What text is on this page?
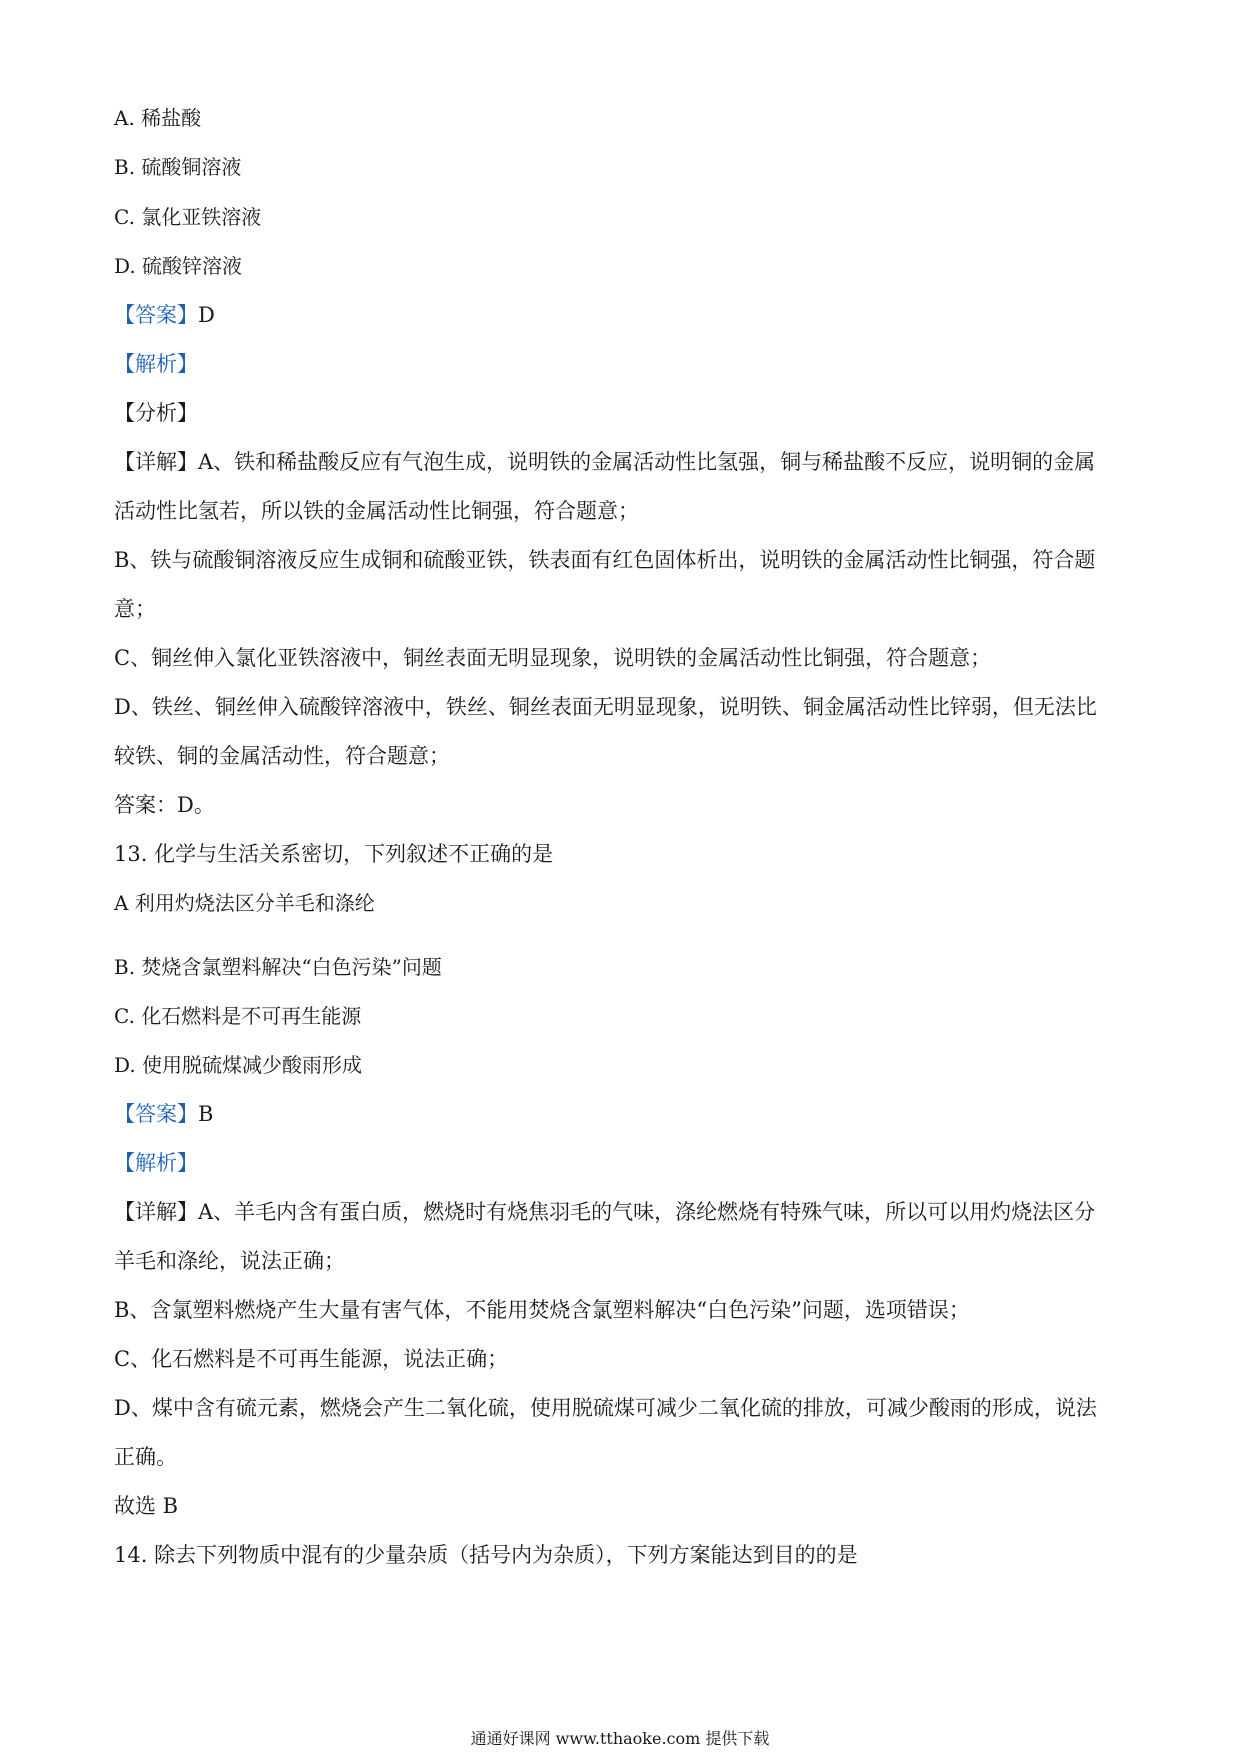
A. 稀盐酸

B. 硫酸铜溶液

C. 氯化亚铁溶液

D. 硫酸锌溶液

【答案】D

【解析】

【分析】

【详解】A、铁和稀盐酸反应有气泡生成，说明铁的金属活动性比氢强，铜与稀盐酸不反应，说明铜的金属

活动性比氢若，所以铁的金属活动性比铜强，符合题意；

B、铁与硫酸铜溶液反应生成铜和硫酸亚铁，铁表面有红色固体析出，说明铁的金属活动性比铜强，符合题

意；

C、铜丝伸入氯化亚铁溶液中，铜丝表面无明显现象，说明铁的金属活动性比铜强，符合题意；

D、铁丝、铜丝伸入硫酸锌溶液中，铁丝、铜丝表面无明显现象，说明铁、铜金属活动性比锌弱，但无法比

较铁、铜的金属活动性，符合题意；

答案：D。

13. 化学与生活关系密切，下列叙述不正确的是

A 利用灼烧法区分羊毛和涤纶

B. 焚烧含氯塑料解决“白色污染”问题

C. 化石燃料是不可再生能源

D. 使用脱硫煤减少酸雨形成

【答案】B

【解析】

【详解】A、羊毛内含有蛋白质，燃烧时有烧焦羽毛的气味，涤纶燃烧有特殊气味，所以可以用灼烧法区分

羊毛和涤纶，说法正确；

B、含氯塑料燃烧产生大量有害气体，不能用焚烧含氯塑料解决“白色污染”问题，选项错误；

C、化石燃料是不可再生能源，说法正确；

D、煤中含有硫元素，燃烧会产生二氧化硫，使用脱硫煤可减少二氧化硫的排放，可减少酸雨的形成，说法

正确。

故选 B

14. 除去下列物质中混有的少量杂质（括号内为杂质），下列方案能达到目的的是

通通好课网 www.tthaoke.com 提供下载
